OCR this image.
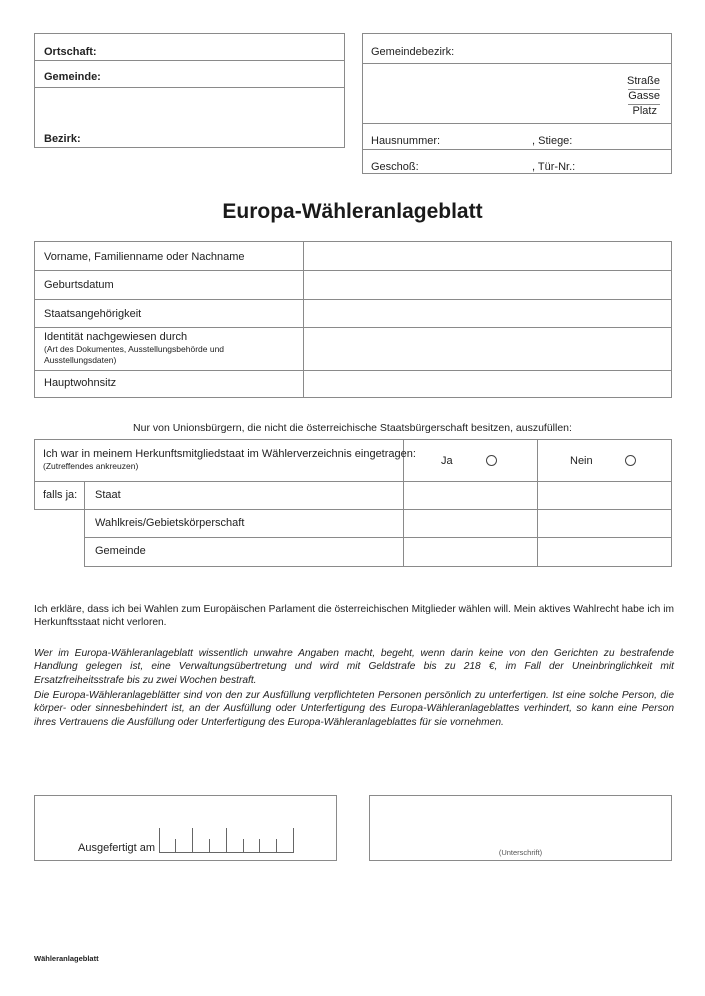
Ortschaft:
Gemeinde:
Bezirk:
Gemeindebezirk:
Straße
Gasse
Platz
Hausnummer:	, Stiege:
Geschoß:	, Tür-Nr.:
Europa-Wähleranlageblatt
Vorname, Familienname oder Nachname
Geburtsdatum
Staatsangehörigkeit
Identität nachgewiesen durch
(Art des Dokumentes, Ausstellungsbehörde und Ausstellungsdaten)
Hauptwohnsitz
Nur von Unionsbürgern, die nicht die österreichische Staatsbürgerschaft besitzen, auszufüllen:
Ich war in meinem Herkunftsmitgliedstaat im Wählerverzeichnis eingetragen:
(Zutreffendes ankreuzen)	Ja	Nein
falls ja: Staat
Wahlkreis/Gebietskörperschaft
Gemeinde
Ich erkläre, dass ich bei Wahlen zum Europäischen Parlament die österreichischen Mitglieder wählen will. Mein aktives Wahlrecht habe ich im Herkunftsstaat nicht verloren.
Wer im Europa-Wähleranlageblatt wissentlich unwahre Angaben macht, begeht, wenn darin keine von den Gerichten zu bestrafende Handlung gelegen ist, eine Verwaltungsübertretung und wird mit Geldstrafe bis zu 218 €, im Fall der Uneinbringlichkeit mit Ersatzfreiheitsstrafe bis zu zwei Wochen bestraft.
Die Europa-Wähleranlageblätter sind von den zur Ausfüllung verpflichteten Personen persönlich zu unterfertigen. Ist eine solche Person, die körper- oder sinnesbehindert ist, an der Ausfüllung oder Unterfertigung des Europa-Wähleranlageblattes verhindert, so kann eine Person ihres Vertrauens die Ausfüllung oder Unterfertigung des Europa-Wähleranlageblattes für sie vornehmen.
Ausgefertigt am	(Unterschrift)
Wähleranlageblatt
